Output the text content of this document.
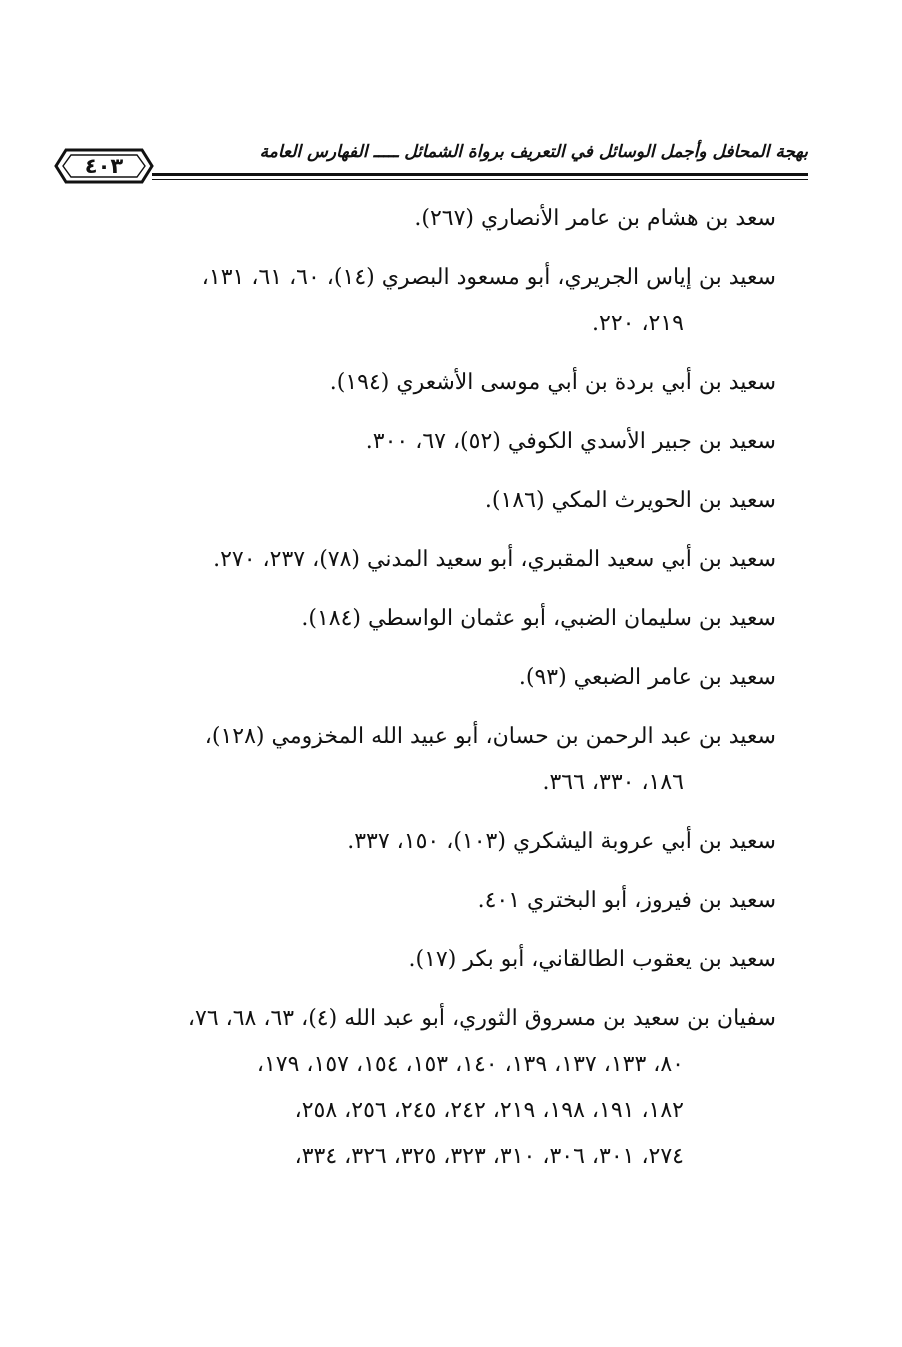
٤٠٣
بهجة المحافل وأجمل الوسائل في التعريف برواة الشمائل ـــــ الفهارس العامة
سعد بن هشام بن عامر الأنصاري (٢٦٧).
سعيد بن إياس الجريري، أبو مسعود البصري (١٤)، ٦٠، ٦١، ١٣١،
٢١٩، ٢٢٠.
سعيد بن أبي بردة بن أبي موسى الأشعري (١٩٤).
سعيد بن جبير الأسدي الكوفي (٥٢)، ٦٧، ٣٠٠.
سعيد بن الحويرث المكي (١٨٦).
سعيد بن أبي سعيد المقبري، أبو سعيد المدني (٧٨)، ٢٣٧، ٢٧٠.
سعيد بن سليمان الضبي، أبو عثمان الواسطي (١٨٤).
سعيد بن عامر الضبعي (٩٣).
سعيد بن عبد الرحمن بن حسان، أبو عبيد الله المخزومي (١٢٨)،
١٨٦، ٣٣٠، ٣٦٦.
سعيد بن أبي عروبة اليشكري (١٠٣)، ١٥٠، ٣٣٧.
سعيد بن فيروز، أبو البختري ٤٠١.
سعيد بن يعقوب الطالقاني، أبو بكر (١٧).
سفيان بن سعيد بن مسروق الثوري، أبو عبد الله (٤)، ٦٣، ٦٨، ٧٦،
٨٠، ١٣٣، ١٣٧، ١٣٩، ١٤٠، ١٥٣، ١٥٤، ١٥٧، ١٧٩،
١٨٢، ١٩١، ١٩٨، ٢١٩، ٢٤٢، ٢٤٥، ٢٥٦، ٢٥٨،
٢٧٤، ٣٠١، ٣٠٦، ٣١٠، ٣٢٣، ٣٢٥، ٣٢٦، ٣٣٤،
